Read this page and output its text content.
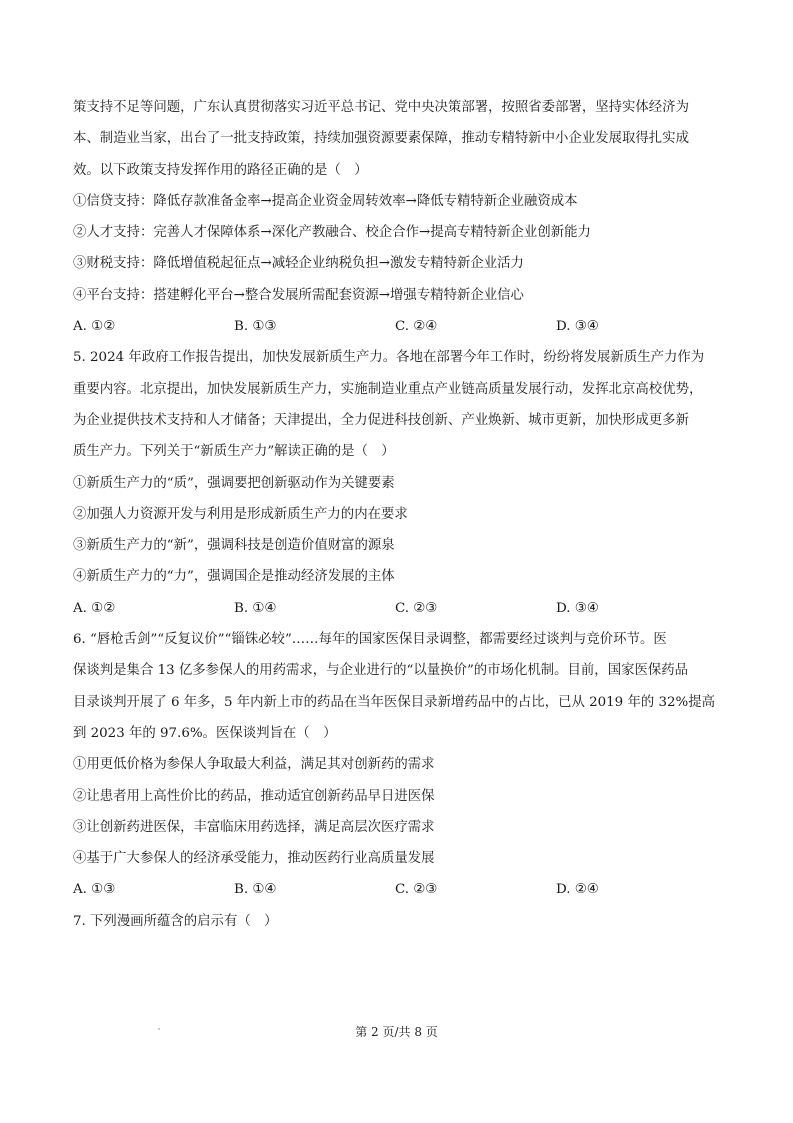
策支持不足等问题，广东认真贯彻落实习近平总书记、党中央决策部署，按照省委部署，坚持实体经济为
本、制造业当家，出台了一批支持政策，持续加强资源要素保障，推动专精特新中小企业发展取得扎实成
效。以下政策支持发挥作用的路径正确的是（　）
①信贷支持：降低存款准备金率→提高企业资金周转效率→降低专精特新企业融资成本
②人才支持：完善人才保障体系→深化产教融合、校企合作→提高专精特新企业创新能力
③财税支持：降低增值税起征点→减轻企业纳税负担→激发专精特新企业活力
④平台支持：搭建孵化平台→整合发展所需配套资源→增强专精特新企业信心
A. ①②	B. ①③	C. ②④	D. ③④
5. 2024 年政府工作报告提出，加快发展新质生产力。各地在部署今年工作时，纷纷将发展新质生产力作为
重要内容。北京提出，加快发展新质生产力，实施制造业重点产业链高质量发展行动，发挥北京高校优势，
为企业提供技术支持和人才储备；天津提出，全力促进科技创新、产业焕新、城市更新，加快形成更多新
质生产力。下列关于“新质生产力”解读正确的是（　）
①新质生产力的“质”，强调要把创新驱动作为关键要素
②加强人力资源开发与利用是形成新质生产力的内在要求
③新质生产力的“新”，强调科技是创造价值财富的源泉
④新质生产力的“力”，强调国企是推动经济发展的主体
A. ①②	B. ①④	C. ②③	D. ③④
6. “唇枪舌剑”“反复议价”“锱铢必较”……每年的国家医保目录调整，都需要经过谈判与竞价环节。医
保谈判是集合 13 亿多参保人的用药需求，与企业进行的“以量换价”的市场化机制。目前，国家医保药品
目录谈判开展了 6 年多，5 年内新上市的药品在当年医保目录新增药品中的占比，已从 2019 年的 32%提高
到 2023 年的 97.6%。医保谈判旨在（　）
①用更低价格为参保人争取最大利益，满足其对创新药的需求
②让患者用上高性价比的药品，推动适宜创新药品早日进医保
③让创新药进医保，丰富临床用药选择，满足高层次医疗需求
④基于广大参保人的经济承受能力，推动医药行业高质量发展
A. ①③	B. ①④	C. ②③	D. ②④
7. 下列漫画所蕴含的启示有（　）
第 2 页/共 8 页
